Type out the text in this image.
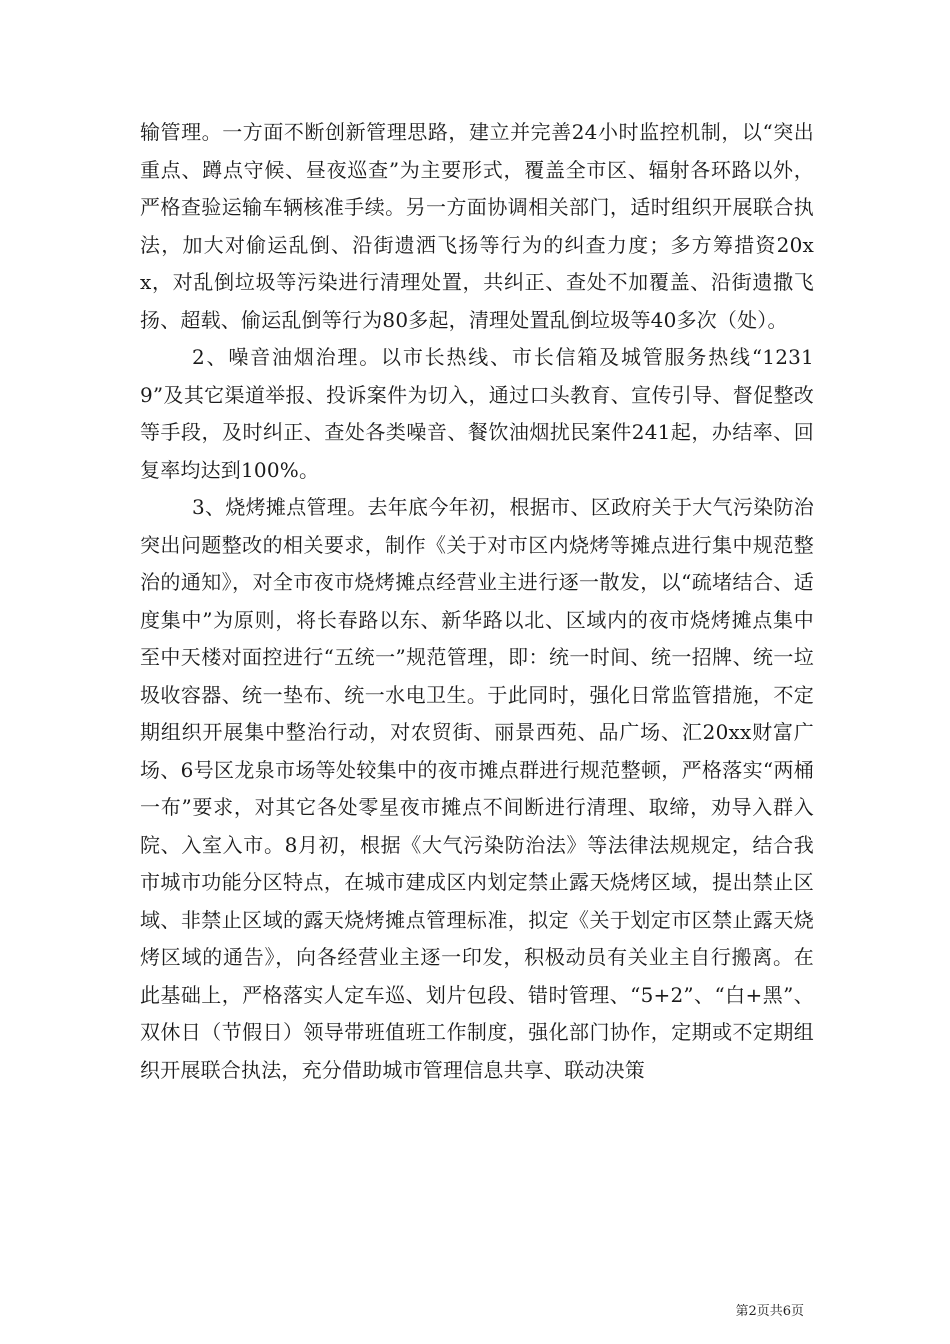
输管理。一方面不断创新管理思路，建立并完善24小时监控机制，以“突出重点、蹲点守候、昼夜巡查”为主要形式，覆盖全市区、辐射各环路以外，严格查验运输车辆核准手续。另一方面协调相关部门，适时组织开展联合执法，加大对偷运乱倒、沿街遗洒飞扬等行为的纠查力度；多方筹措资20xx，对乱倒垃圾等污染进行清理处置，共纠正、查处不加覆盖、沿街遗撒飞扬、超载、偷运乱倒等行为80多起，清理处置乱倒垃圾等40多次（处）。

2、噪音油烟治理。以市长热线、市长信箱及城管服务热线“12319”及其它渠道举报、投诉案件为切入，通过口头教育、宣传引导、督促整改等手段，及时纠正、查处各类噪音、餐饮油烟扰民案件241起，办结率、回复率均达到100%。

3、烧烤摊点管理。去年底今年初，根据市、区政府关于大气污染防治突出问题整改的相关要求，制作《关于对市区内烧烤等摊点进行集中规范整治的通知》，对全市夜市烧烤摊点经营业主进行逐一散发，以“疏堵结合、适度集中”为原则，将长春路以东、新华路以北、区域内的夜市烧烤摊点集中至中天楼对面控进行“五统一”规范管理，即：统一时间、统一招牌、统一垃圾收容器、统一垫布、统一水电卫生。于此同时，强化日常监管措施，不定期组织开展集中整治行动，对农贸街、丽景西苑、品广场、汇20xx财富广场、6号区龙泉市场等处较集中的夜市摊点群进行规范整顿，严格落实“两桶一布”要求，对其它各处零星夜市摊点不间断进行清理、取缔，劝导入群入院、入室入市。8月初，根据《大气污染防治法》等法律法规规定，结合我市城市功能分区特点，在城市建成区内划定禁止露天烧烤区域，提出禁止区域、非禁止区域的露天烧烤摊点管理标准，拟定《关于划定市区禁止露天烧烤区域的通告》，向各经营业主逐一印发，积极动员有关业主自行搬离。在此基础上，严格落实人定车巡、划片包段、错时管理、“5+2”、“白+黑”、双休日（节假日）领导带班值班工作制度，强化部门协作，定期或不定期组织开展联合执法，充分借助城市管理信息共享、联动决策

第2页共6页
